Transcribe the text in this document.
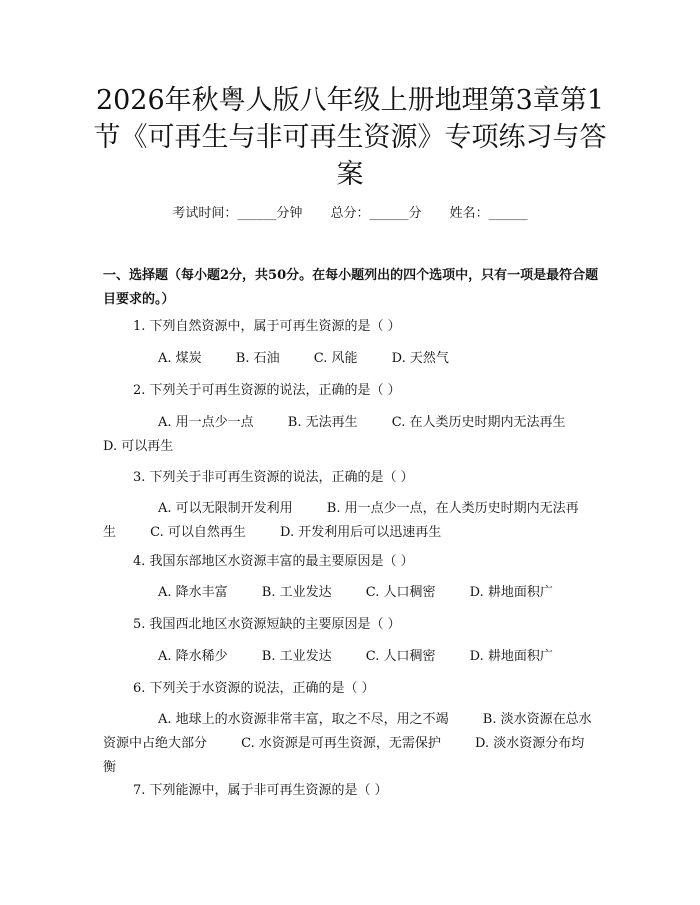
2026年秋粤人版八年级上册地理第3章第1节《可再生与非可再生资源》专项练习与答案
考试时间：______分钟 总分：______分 姓名：______
一、选择题（每小题2分，共50分。在每小题列出的四个选项中，只有一项是最符合题目要求的。）
1. 下列自然资源中，属于可再生资源的是（ ）
A. 煤炭	B. 石油	C. 风能	D. 天然气
2. 下列关于可再生资源的说法，正确的是（ ）
A. 用一点少一点	B. 无法再生	C. 在人类历史时期内无法再生 D. 可以再生
3. 下列关于非可再生资源的说法，正确的是（ ）
A. 可以无限制开发利用	B. 用一点少一点，在人类历史时期内无法再生	C. 可以自然再生	D. 开发利用后可以迅速再生
4. 我国东部地区水资源丰富的最主要原因是（ ）
A. 降水丰富	B. 工业发达	C. 人口稠密	D. 耕地面积广
5. 我国西北地区水资源短缺的主要原因是（ ）
A. 降水稀少	B. 工业发达	C. 人口稠密	D. 耕地面积广
6. 下列关于水资源的说法，正确的是（ ）
A. 地球上的水资源非常丰富，取之不尽，用之不竭	B. 淡水资源在总水资源中占绝大部分	C. 水资源是可再生资源，无需保护	D. 淡水资源分布均衡
7. 下列能源中，属于非可再生资源的是（ ）
